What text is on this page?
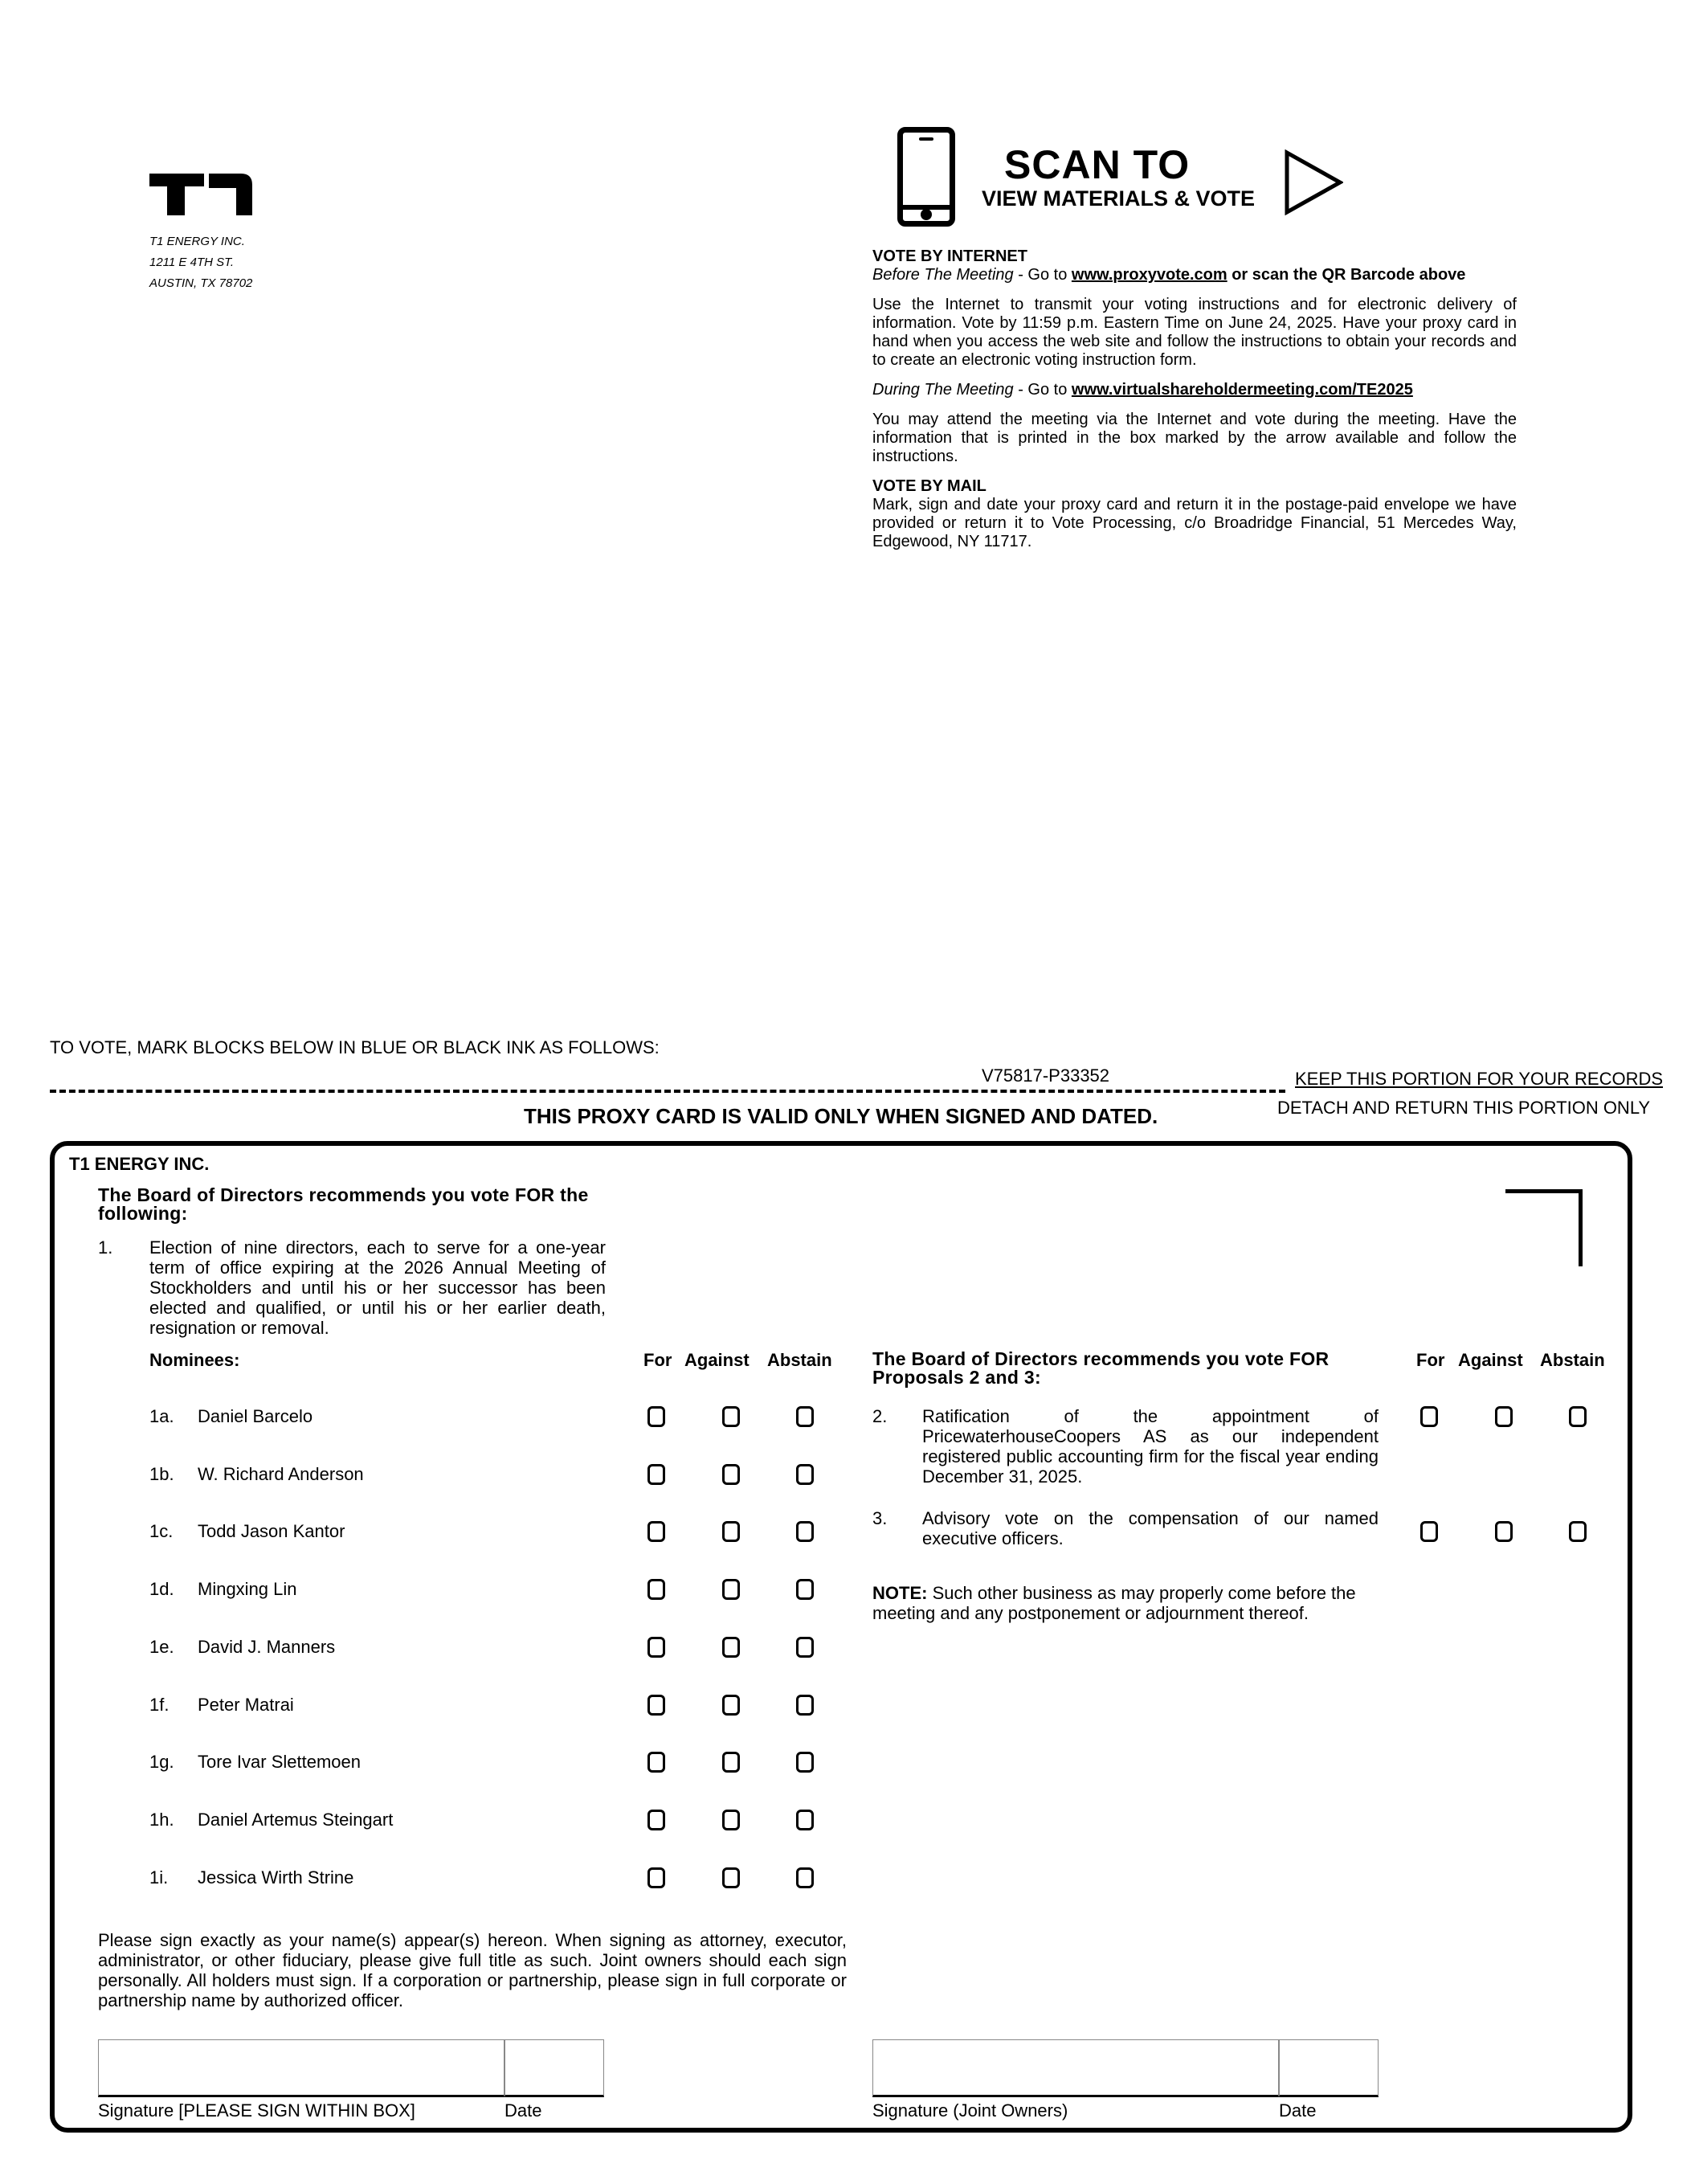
T1 ENERGY INC.
1211 E 4TH ST.
AUSTIN, TX 78702
SCAN TO
VIEW MATERIALS & VOTE
VOTE BY INTERNET
Before The Meeting - Go to www.proxyvote.com or scan the QR Barcode above
Use the Internet to transmit your voting instructions and for electronic delivery of information. Vote by 11:59 p.m. Eastern Time on June 24, 2025. Have your proxy card in hand when you access the web site and follow the instructions to obtain your records and to create an electronic voting instruction form.
During The Meeting - Go to www.virtualshareholdermeeting.com/TE2025
You may attend the meeting via the Internet and vote during the meeting. Have the information that is printed in the box marked by the arrow available and follow the instructions.
VOTE BY MAIL
Mark, sign and date your proxy card and return it in the postage-paid envelope we have provided or return it to Vote Processing, c/o Broadridge Financial, 51 Mercedes Way, Edgewood, NY 11717.
TO VOTE, MARK BLOCKS BELOW IN BLUE OR BLACK INK AS FOLLOWS:
V75817-P33352	KEEP THIS PORTION FOR YOUR RECORDS
DETACH AND RETURN THIS PORTION ONLY
THIS PROXY CARD IS VALID ONLY WHEN SIGNED AND DATED.
T1 ENERGY INC.
The Board of Directors recommends you vote FOR the following:
1. Election of nine directors, each to serve for a one-year term of office expiring at the 2026 Annual Meeting of Stockholders and until his or her successor has been elected and qualified, or until his or her earlier death, resignation or removal.
Nominees:	For Against Abstain
1a. Daniel Barcelo
1b. W. Richard Anderson
1c. Todd Jason Kantor
1d. Mingxing Lin
1e. David J. Manners
1f. Peter Matrai
1g. Tore Ivar Slettemoen
1h. Daniel Artemus Steingart
1i. Jessica Wirth Strine
The Board of Directors recommends you vote FOR Proposals 2 and 3:
For Against Abstain
2. Ratification of the appointment of PricewaterhouseCoopers AS as our independent registered public accounting firm for the fiscal year ending December 31, 2025.
3. Advisory vote on the compensation of our named executive officers.
NOTE: Such other business as may properly come before the meeting and any postponement or adjournment thereof.
Please sign exactly as your name(s) appear(s) hereon. When signing as attorney, executor, administrator, or other fiduciary, please give full title as such. Joint owners should each sign personally. All holders must sign. If a corporation or partnership, please sign in full corporate or partnership name by authorized officer.
Signature [PLEASE SIGN WITHIN BOX]	Date	Signature (Joint Owners)	Date
